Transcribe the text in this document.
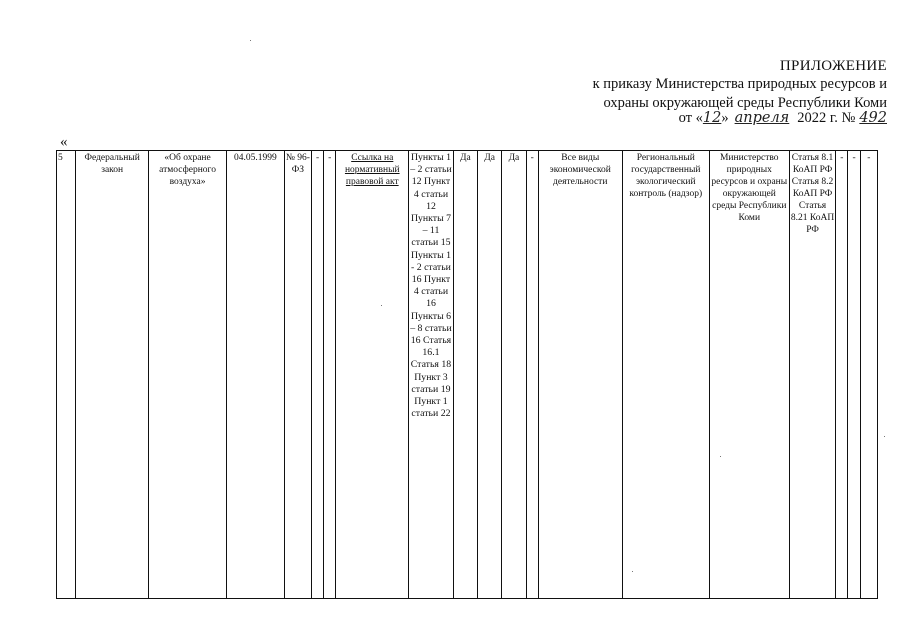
ПРИЛОЖЕНИЕ
к приказу Министерства природных ресурсов и
охраны окружающей среды Республики Коми
от « 12 » апреля 2022 г. № 492
«
5	Федеральный закон	«Об охране атмосферного воздуха»	04.05.1999	№ 96-ФЗ	-	-	Ссылка на нормативный правовой акт	Пункты 1 – 2 статьи 12 Пункт 4 статьи 12 Пункты 7 – 11 статьи 15 Пункты 1 - 2 статьи 16 Пункт 4 статьи 16 Пункты 6 – 8 статьи 16 Статья 16.1 Статья 18 Пункт 3 статьи 19 Пункт 1 статьи 22	Да	Да	Да	-	Все виды экономической деятельности	Региональный государственный экологический контроль (надзор)	Министерство природных ресурсов и охраны окружающей среды Республики Коми	Статья 8.1 КоАП РФ Статья 8.2 КоАП РФ Статья 8.21 КоАП РФ	-	-	-
